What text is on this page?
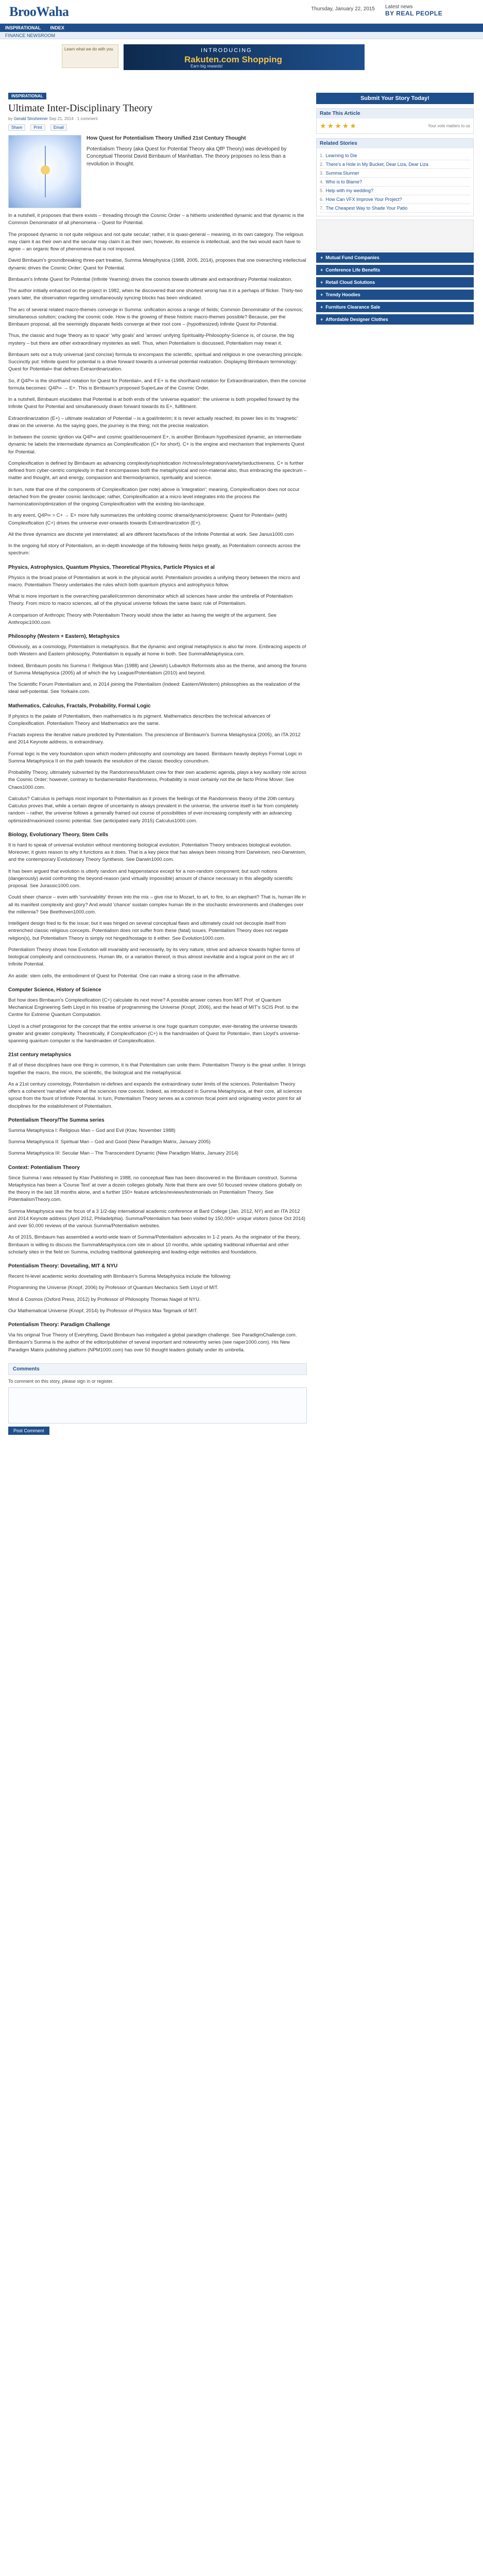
BrooWaha	Thursday, January 22, 2015 Latest news
BY REAL PEOPLE
INSPIRATIONAL INDEX
FINANCE NEWSROOM
Learn what we do with you	INTRODUCING
Rakuten.com Shopping
Earn big rewards!
INSPIRATIONAL
Ultimate Inter-Disciplinary Theory
by Gerald Sinsheimer Sep 21, 2014 · 1 comment
Share	Print	Email
How Quest for Potentialism Theory Unified 21st Century Thought

Potentialism Theory (aka Quest for Potential Theory aka QfP Theory) was developed by Conceptual Theorist David Birnbaum of Manhattan. The theory proposes no less than a revolution in thought.

In a nutshell, it proposes that there exists – threading through the Cosmic Order – a hitherto unidentified dynamic and that dynamic is the Common Denominator of all phenomena – Quest for Potential.

The proposed dynamic is not quite religious and not quite secular; rather, it is quasi-general – meaning, in its own category. The religious may claim it as their own and the secular may claim it as their own; however, its essence is intellectual, and the two would each have to agree – an organic flow of phenomena that is not imposed.

David Birnbaum's groundbreaking three-part treatise, Summa Metaphysica (1988, 2005, 2014), proposes that one overarching intellectual dynamic drives the Cosmic Order: Quest for Potential.

Birnbaum's Infinite Quest for Potential (Infinite Yearning) drives the cosmos towards ultimate and extraordinary Potential realization.

The author initially enhanced on the project in 1982, when he discovered that one shortest wrong has it in a perhaps of flicker. Thirty-two years later, the observation regarding simultaneously syncing blocks has been vindicated.

The arc of several related macro-themes converge in Summa: unification across a range of fields; Common Denominator of the cosmos; simultaneous solution; cracking the cosmic code. How is the growing of these historic macro-themes possible? Because, per the Birnbaum proposal, all the seemingly disparate fields converge at their root core – (hypothesized) Infinite Quest for Potential.

Thus, the classic and huge 'theory as to space' 'why goals' and 'arrows' unifying Spirituality-Philosophy-Science is, of course, the big mystery – but there are other extraordinary mysteries as well. Thus, when Potentialism is discussed, Potentialism may mean it.

Birnbaum sets out a truly universal (and concise) formula to encompass the scientific, spiritual and religious in one overarching principle. Succinctly put: Infinite quest for potential is a drive forward towards a universal potential realization. Displaying Birnbaum terminology: Quest for Potential∞ that defines Extraordinarization.

So, if Q4P∞ is the shorthand notation for Quest for Potential∞, and if E+ is the shorthand notation for Extraordinarization, then the concise formula becomes: Q4P∞ → E+. This is Birnbaum's proposed SuperLaw of the Cosmic Order.

In a nutshell, Birnbaum elucidates that Potential is at both ends of the 'universe equation': the universe is both propelled forward by the Infinite Quest for Potential and simultaneously drawn forward towards its E+, fulfillment.

Extraordinarization (E+) – ultimate realization of Potential – is a goal/interim; it is never actually reached; its power lies in its 'magnetic' draw on the universe. As the saying goes, the journey is the thing; not the precise realization.

In between the cosmic ignition via Q4P∞ and cosmic goal/denouement E+, is another Birnbaum hypothesized dynamic, an intermediate dynamic he labels the intermediate dynamics as Complexification (C+ for short). C+ is the engine and mechanism that implements Quest for Potential.

Complexification is defined by Birnbaum as advancing complexity/sophistication /richness/integration/variety/seductiveness. C+ is further defined from cyber-centric complexity in that it encompasses both the metaphysical and non-material also, thus embracing the spectrum – matter and thought, art and energy, compassion and thermodynamics, spirituality and science.

In turn, note that one of the components of Complexification (per note) above is 'integration'; meaning, Complexification does not occur detached from the greater cosmic landscape; rather, Complexification at a micro level integrates into the process the harmonization/optimization of the ongoing Complexification with the existing bio-landscape.

In any event, Q4P∞ > C+ → E+ more fully summarizes the unfolding cosmic drama/dynamic/prowess: Quest for Potential∞ (with) Complexification (C+) drives the universe ever-onwards towards Extraordinarization (E+).

All the three dynamics are discrete yet interrelated; all are different facets/faces of the Infinite Potential at work. See Janus1000.com

In the ongoing full story of Potentialism, an in-depth knowledge of the following fields helps greatly, as Potentialism connects across the spectrum:

Physics, Astrophysics, Quantum Physics, Theoretical Physics, Particle Physics et al

Physics is the broad praise of Potentialism at work in the physical world. Potentialism provides a unifying theory between the micro and macro. Potentialism Theory undertakes the rules which both quantum physics and astrophysics follow.

What is more important is the overarching parallel/common denominator which all sciences have under the umbrella of Potentialism Theory. From micro to macro sciences, all of the physical universe follows the same basic rule of Potentialism.

A comparison of Anthropic Theory with Potentialism Theory would show the latter as having the weight of the argument. See Anthropic1000.com

Philosophy (Western + Eastern), Metaphysics

Obviously, as a cosmology, Potentialism is metaphysics. But the dynamic and original metaphysics is also far more. Embracing aspects of both Western and Eastern philosophy, Potentialism is equally at home in both. See SummaMetaphysica.com.

Indeed, Birnbaum posits his Summa I: Religious Man (1988) and (Jewish) Lubavitch Reformists also as the theme, and among the forums of Summa Metaphysica (2005) all of which the Ivy League/Potentialism (2010) and beyond.

The Scientific Forum Potentialism and, in 2014 joining the Potentialism (Indeed: Eastern/Western) philosophies as the realization of the ideal self-potential. See Yorkaire.com.

Mathematics, Calculus, Fractals, Probability, Formal Logic

If physics is the palate of Potentialism, then mathematics is its pigment. Mathematics describes the technical advances of Complexification. Potentialism Theory and Mathematics are the same.

Fractals express the iterative nature predicted by Potentialism. The prescience of Birnbaum's Summa Metaphysica (2005), an ITA 2012 and 2014 Keynote address, is extraordinary.

Formal logic is the very foundation upon which modern philosophy and cosmology are based. Birnbaum heavily deploys Formal Logic in Summa Metaphysica II on the path towards the resolution of the classic theodicy conundrum.

Probability Theory, ultimately subverted by the Randomness/Mutant crew for their own academic agenda, plays a key auxiliary role across the Cosmic Order; however, contrary to fundamentalist Randomness, Probability is most certainly not the de facto Prime Mover. See Chaos1000.com.

Calculus? Calculus is perhaps most important to Potentialism as it proves the feelings of the Randomness theory of the 20th century. Calculus proves that, while a certain degree of uncertainty is always prevalent in the universe, the universe itself is far from completely random – rather, the universe follows a generally framed out course of possibilities of ever-increasing complexity with an advancing optimized/maximized cosmic potential. See (anticipated early 2015) Calculus1000.com.

Biology, Evolutionary Theory, Stem Cells

It is hard to speak of universal evolution without mentioning biological evolution. Potentialism Theory embraces biological evolution. Moreover, it gives reason to why it functions as it does. That is a key piece that has always been missing from Darwinism, neo-Darwinism, and the contemporary Evolutionary Theory Synthesis. See Darwin1000.com.

It has been argued that evolution is utterly random and happenstance except for a non-random component; but such notions (dangerously) avoid confronting the beyond-reason (and virtually impossible) amount of chance necessary in this allegedly scientific proposal. See Jurassic1000.com.

Could sheer chance – even with 'survivability' thrown into the mix – give rise to Mozart, to art, to fire, to an elephant? That is, human life in all its manifest complexity and glory? And would 'chance' sustain complex human life in the stochastic environments and challenges over the millennia? See Beethoven1000.com.

Intelligent design fried to fix the issue; but it was hinged on several conceptual flaws and ultimately could not decouple itself from entrenched classic religious concepts. Potentialism does not suffer from these (fatal) issues. Potentialism Theory does not negate religion(s), but Potentialism Theory is simply not hinged/hostage to it either. See Evolution1000.com.

Potentialism Theory shows how Evolution will invariably and necessarily, by its very nature, strive and advance towards higher forms of biological complexity and consciousness. Human life, or a variation thereof, is thus almost inevitable and a logical point on the arc of Infinite Potential.

An aside: stem cells, the embodiment of Quest for Potential. One can make a strong case in the affirmative.

Computer Science, History of Science

But how does Birnbaum's Complexification (C+) calculate its next move? A possible answer comes from MIT Prof. of Quantum Mechanical Engineering Seth Lloyd in his treatise of programming the Universe (Knopf, 2006), and the head of MIT's SCIS Prof. to the Centre for Extreme Quantum Computation.

Lloyd is a chief protagonist for the concept that the entire universe is one huge quantum computer, ever-iterating the universe towards greater and greater complexity. Theoretically, if Complexification (C+) is the handmaiden of Quest for Potential∞, then Lloyd's universe-spanning quantum computer is the handmaiden of Complexification.

21st century metaphysics

If all of these disciplines have one thing in common, it is that Potentialism can unite them. Potentialism Theory is the great unifier. It brings together the macro, the micro, the scientific, the biological and the metaphysical.

As a 21st century cosmology, Potentialism re-defines and expands the extraordinary outer limits of the sciences. Potentialism Theory offers a coherent 'narrative' where all the sciences now coexist. Indeed, as introduced in Summa Metaphysica, at their core, all sciences sprout from the fount of Infinite Potential. In turn, Potentialism Theory serves as a common focal point and originating vector point for all disciplines for the establishment of Potentialism.

Potentialism Theory/The Summa series

Summa Metaphysica I: Religious Man – God and Evil (Ktav, November 1988)

Summa Metaphysica II: Spiritual Man – God and Good (New Paradigm Matrix, January 2005)

Summa Metaphysica III: Secular Man – The Transcendent Dynamic (New Paradigm Matrix, January 2014)

Context: Potentialism Theory

Since Summa I was released by Ktav Publishing in 1988, no conceptual flaw has been discovered in the Birnbaum construct. Summa Metaphysica has been a 'Course Text' at over a dozen colleges globally. Note that there are over 50 focused review citations globally on the theory in the last 18 months alone, and a further 150+ feature articles/reviews/testimonials on Potentialism Theory. See PotentialismTheory.com.

Summa Metaphysica was the focus of a 3 1/2-day international academic conference at Bard College (Jan. 2012, NY) and an ITA 2012 and 2014 Keynote address (April 2012, Philadelphia). Summa/Potentialism has been visited by 150,000+ unique visitors (since Oct 2014) and over 50,000 reviews of the various Summa/Potentialism websites.

As of 2015, Birnbaum has assembled a world-wide team of Summa/Potentialism advocates in 1-2 years. As the originator of the theory, Birnbaum is willing to discuss the SummaMetaphysica.com site in about 10 months, while updating traditional influential and other scholarly sites in the field on Summa, including traditional gatekeeping and leading-edge websites and foundations.

Potentialism Theory: Dovetailing, MIT & NYU

Recent hi-level academic works dovetailing with Birnbaum's Summa Metaphysica include the following:

Programming the Universe (Knopf, 2006) by Professor of Quantum Mechanics Seth Lloyd of MIT.

Mind & Cosmos (Oxford Press, 2012) by Professor of Philosophy Thomas Nagel of NYU.

Our Mathematical Universe (Knopf, 2014) by Professor of Physics Max Tegmark of MIT.

Potentialism Theory: Paradigm Challenge

Via his original True Theory of Everything, David Birnbaum has instigated a global paradigm challenge. See ParadigmChallenge.com. Birnbaum's Summa is the author of the editor/publisher of several important and noteworthy series (see naper1000.com). His New Paradigm Matrix publishing platform (NPM1000.com) has over 50 thought leaders globally under its umbrella.

Comments
To comment on this story, please sign in or register.
Post Comment
Submit Your Story Today!
Rate This Article
★★★★★	Your vote matters to us
Related Stories
1. Learning to Die
2. There's a Hole in My Bucket, Dear Liza, Dear Liza
3. Summa Stunner
4. Who is to Blame?
5. Help with my wedding?
6. How Can VFX Improve Your Project?
7. The Cheapest Way to Shade Your Patio
+ Mutual Fund Companies
+ Conference Life Benefits
+ Retail Cloud Solutions
+ Trendy Hoodies
+ Furniture Clearance Sale
+ Affordable Designer Clothes
